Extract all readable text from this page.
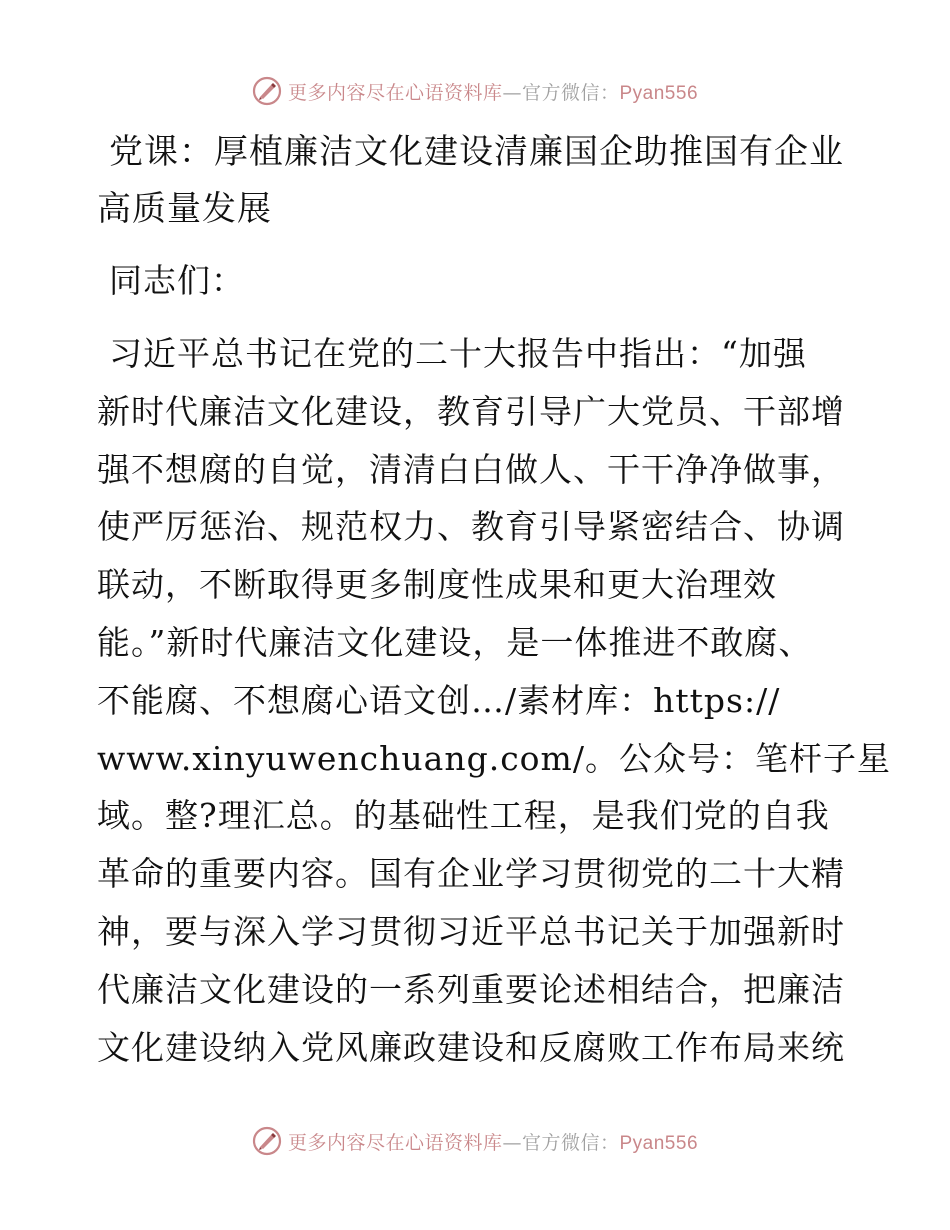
更多内容尽在心语资料库—官方微信：Pyan556
党课：厚植廉洁文化建设清廉国企助推国有企业
高质量发展

同志们：

习近平总书记在党的二十大报告中指出：“加强
新时代廉洁文化建设，教育引导广大党员、干部增
强不想腐的自觉，清清白白做人、干干净净做事，
使严厉惩治、规范权力、教育引导紧密结合、协调
联动，不断取得更多制度性成果和更大治理效
能。”新时代廉洁文化建设，是一体推进不敢腐、
不能腐、不想腐心语文创…/素材库：https://
www.xinyuwenchuang.com/。公众号：笔杆子星
域。整?理汇总。的基础性工程，是我们党的自我
革命的重要内容。国有企业学习贯彻党的二十大精
神，要与深入学习贯彻习近平总书记关于加强新时
代廉洁文化建设的一系列重要论述相结合，把廉洁
文化建设纳入党风廉政建设和反腐败工作布局来统
更多内容尽在心语资料库—官方微信：Pyan556
